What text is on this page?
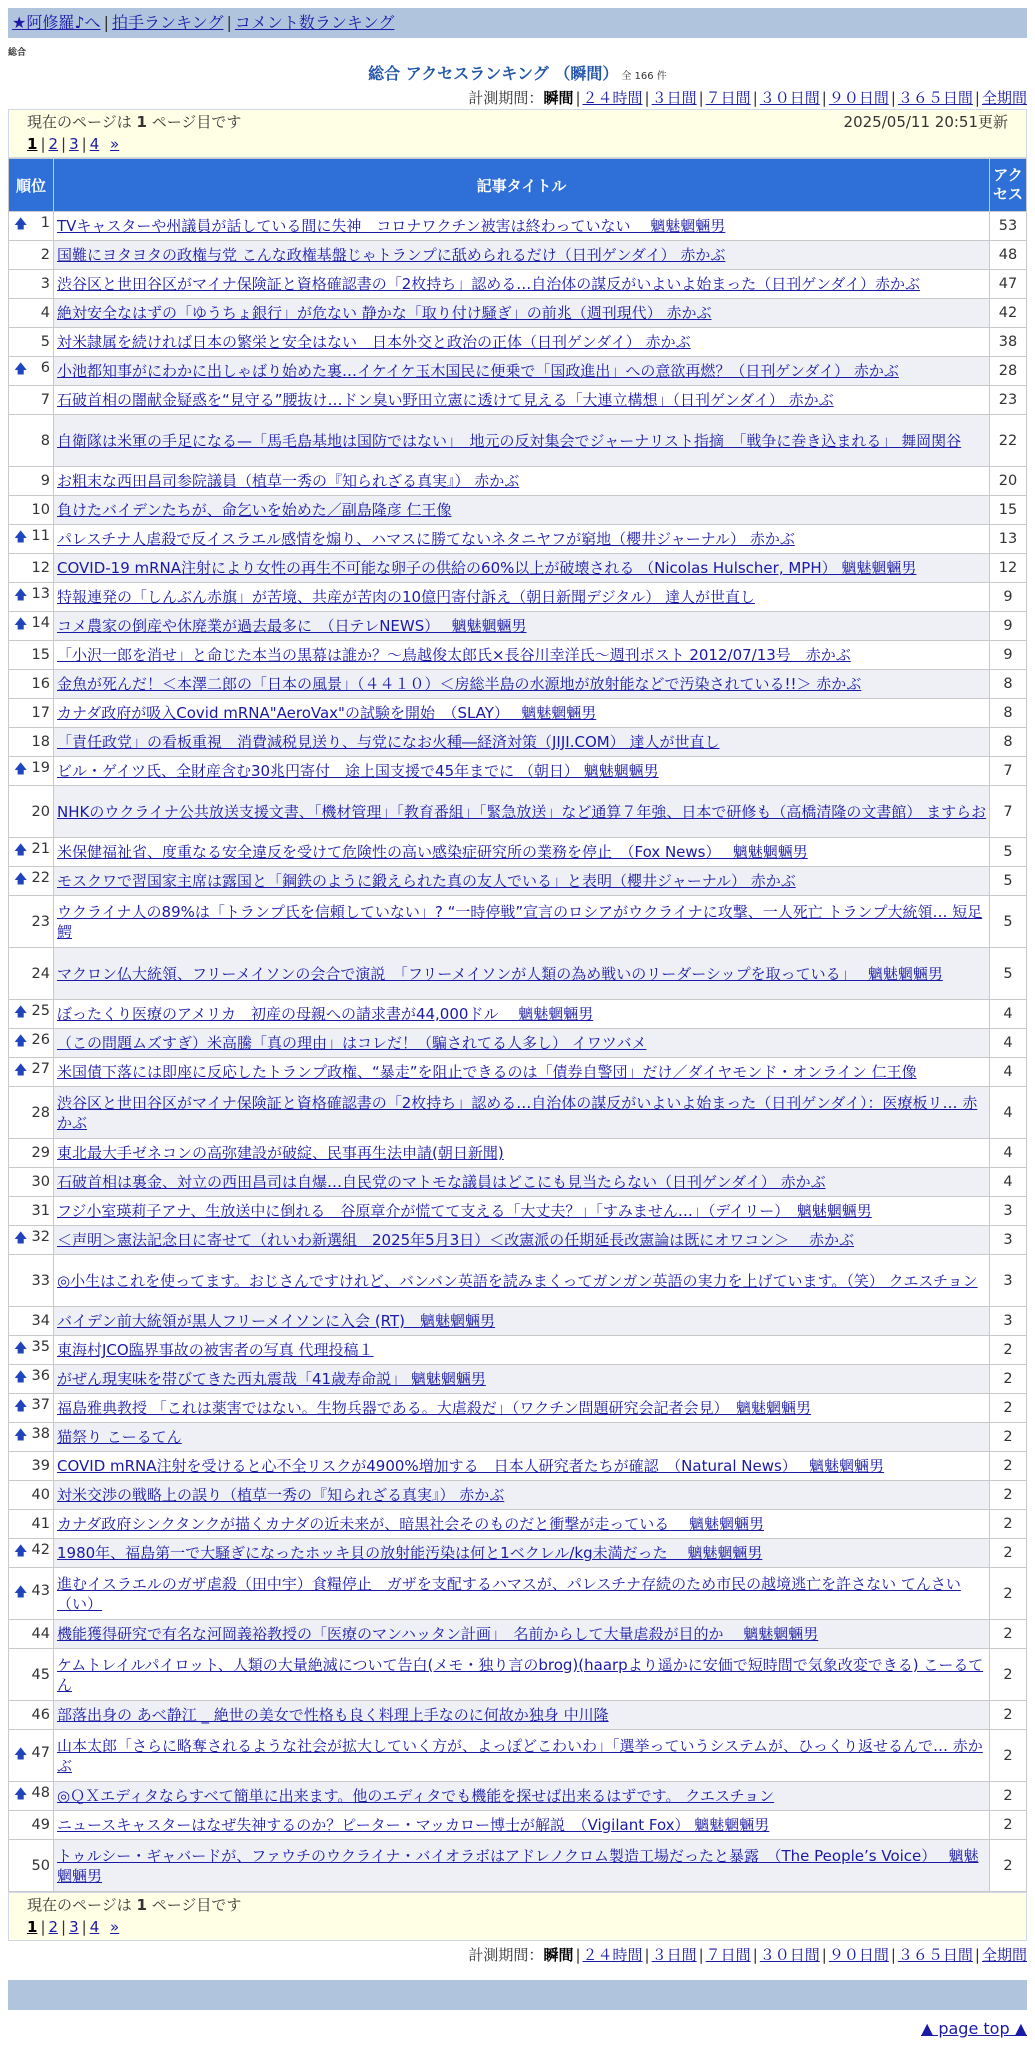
★阿修羅♪へ | 拍手ランキング | コメント数ランキング
総合
総合 アクセスランキング （瞬間） 全 166 件
計測期間：瞬間 | ２４時間 | ３日間 | ７日間 | ３０日間 | ９０日間 | ３６５日間 | 全期間
現在のページは 1 ページ目です	2025/05/11 20:51更新
1 | 2 | 3 | 4 »
順位	記事タイトル	アクセス

🡅 1	TVキャスターや州議員が話している間に失神　コロナワクチン被害は終わっていない　 魑魅魍魎男	53
2	国難にヨタヨタの政権与党 こんな政権基盤じゃトランプに舐められるだけ（日刊ゲンダイ） 赤かぶ	48
3	渋谷区と世田谷区がマイナ保険証と資格確認書の「2枚持ち」認める…自治体の謀反がいよいよ始まった（日刊ゲンダイ）赤かぶ	47
4	絶対安全なはずの「ゆうちょ銀行」が危ない 静かな「取り付け騒ぎ」の前兆（週刊現代） 赤かぶ	42
5	対米隷属を続ければ日本の繁栄と安全はない　日本外交と政治の正体（日刊ゲンダイ） 赤かぶ	38

🡅 6	小池都知事がにわかに出しゃばり始めた裏…イケイケ玉木国民に便乗で「国政進出」への意欲再燃？（日刊ゲンダイ） 赤かぶ	28
7	石破首相の闇献金疑惑を“見守る”腰抜け…ドン臭い野田立憲に透けて見える「大連立構想」（日刊ゲンダイ） 赤かぶ	23
8	自衛隊は米軍の手足になる—「馬毛島基地は国防ではない」　地元の反対集会でジャーナリスト指摘　「戦争に巻き込まれる」 舞岡関谷	22
9	お粗末な西田昌司参院議員（植草一秀の『知られざる真実』） 赤かぶ	20
10	負けたバイデンたちが、命乞いを始めた／副島隆彦 仁王像	15

🡅 11	パレスチナ人虐殺で反イスラエル感情を煽り、ハマスに勝てないネタニヤフが窮地（櫻井ジャーナル） 赤かぶ	13
12	COVID-19 mRNA注射により女性の再生不可能な卵子の供給の60%以上が破壊される （Nicolas Hulscher, MPH） 魑魅魍魎男	12

🡅 13	特報連発の「しんぶん赤旗」が苦境、共産が苦肉の10億円寄付訴え（朝日新聞デジタル） 達人が世直し	9

🡅 14	コメ農家の倒産や休廃業が過去最多に　（日テレNEWS）　 魑魅魍魎男	9
15	「小沢一郎を消せ」と命じた本当の黒幕は誰か？～鳥越俊太郎氏×長谷川幸洋氏～週刊ポスト 2012/07/13号　赤かぶ	9
16	金魚が死んだ！＜本澤二郎の「日本の風景」（４４１０）＜房総半島の水源地が放射能などで汚染されている!!＞ 赤かぶ	8
17	カナダ政府が吸入Covid mRNA"AeroVax"の試験を開始　（SLAY）　 魑魅魍魎男	8
18	「責任政党」の看板重視　消費減税見送り、与党になお火種―経済対策（JIJI.COM） 達人が世直し	8

🡅 19	ビル・ゲイツ氏、全財産含む30兆円寄付　途上国支援で45年までに （朝日） 魑魅魍魎男	7
20	NHKのウクライナ公共放送支援文書、「機材管理」「教育番組」「緊急放送」など通算７年強、日本で研修も（高橋清隆の文書館） ますらお	7

🡅 21	米保健福祉省、度重なる安全違反を受けて危険性の高い感染症研究所の業務を停止　（Fox News）　 魑魅魍魎男	5

🡅 22	モスクワで習国家主席は露国と「鋼鉄のように鍛えられた真の友人でいる」と表明（櫻井ジャーナル） 赤かぶ	5
23	ウクライナ人の89%は「トランプ氏を信頼していない」? “一時停戦”宣言のロシアがウクライナに攻撃、一人死亡 トランプ大統領… 短足鰐	5
24	マクロン仏大統領、フリーメイソンの会合で演説　「フリーメイソンが人類の為め戦いのリーダーシップを取っている」　 魑魅魍魎男	5

🡅 25	ぼったくり医療のアメリカ　初産の母親への請求書が44,000ドル　 魑魅魍魎男	4

🡅 26	（この問題ムズすぎ）米高騰「真の理由」はコレだ！（騙されてる人多し） イワツバメ	4

🡅 27	米国債下落には即座に反応したトランプ政権、“暴走”を阻止できるのは「債券自警団」だけ／ダイヤモンド・オンライン 仁王像	4
28	渋谷区と世田谷区がマイナ保険証と資格確認書の「2枚持ち」認める…自治体の謀反がいよいよ始まった（日刊ゲンダイ）：医療板リ… 赤かぶ	4
29	東北最大手ゼネコンの高弥建設が破綻、民事再生法申請(朝日新聞)	4
30	石破首相は裏金、対立の西田昌司は自爆…自民党のマトモな議員はどこにも見当たらない（日刊ゲンダイ） 赤かぶ	4
31	フジ小室瑛莉子アナ、生放送中に倒れる　谷原章介が慌てて支える「大丈夫？」「すみません…」（デイリー）　魑魅魍魎男	3

🡅 32	＜声明＞憲法記念日に寄せて（れいわ新選組　2025年5月3日）＜改憲派の任期延長改憲論は既にオワコン＞　 赤かぶ	3
33	◎小生はこれを使ってます。おじさんですけれど、バンバン英語を読みまくってガンガン英語の実力を上げています。（笑） クエスチョン	3
34	バイデン前大統領が黒人フリーメイソンに入会 (RT)　魑魅魍魎男	3

🡅 35	東海村JCO臨界事故の被害者の写真 代理投稿１	2

🡅 36	がぜん現実味を帯びてきた西丸震哉「41歳寿命説」 魑魅魍魎男	2

🡅 37	福島雅典教授 「これは薬害ではない。生物兵器である。大虐殺だ」（ワクチン問題研究会記者会見）　魑魅魍魎男	2

🡅 38	猫祭り こーるてん	2
39	COVID mRNA注射を受けると心不全リスクが4900%増加する　日本人研究者たちが確認　（Natural News）　 魑魅魍魎男	2
40	対米交渉の戦略上の誤り（植草一秀の『知られざる真実』） 赤かぶ	2
41	カナダ政府シンクタンクが描くカナダの近未来が、暗黒社会そのものだと衝撃が走っている　 魑魅魍魎男	2

🡅 42	1980年、福島第一で大騒ぎになったホッキ貝の放射能汚染は何と1ベクレル/kg未満だった　 魑魅魍魎男	2

🡅 43	進むイスラエルのガザ虐殺（田中宇）食糧停止　ガザを支配するハマスが、パレスチナ存続のため市民の越境逃亡を許さない てんさい（い）	2
44	機能獲得研究で有名な河岡義裕教授の「医療のマンハッタン計画」　名前からして大量虐殺が目的か　 魑魅魍魎男	2
45	ケムトレイルパイロット、人類の大量絶滅について告白(メモ・独り言のbrog)(haarpより遥かに安価で短時間で気象改変できる) こーるてん	2
46	部落出身の あべ静江 _ 絶世の美女で性格も良く料理上手なのに何故か独身 中川隆	2

🡅 47	山本太郎「さらに略奪されるような社会が拡大していく方が、よっぽどこわいわ」「選挙っていうシステムが、ひっくり返せるんで… 赤かぶ	2

🡅 48	◎ＱＸエディタならすべて簡単に出来ます。他のエディタでも機能を探せば出来るはずです。 クエスチョン	2
49	ニュースキャスターはなぜ失神するのか？ピーター・マッカロー博士が解説　（Vigilant Fox） 魑魅魍魎男	2
50	トゥルシー・ギャバードが、ファウチのウクライナ・バイオラボはアドレノクロム製造工場だったと暴露　（The People’s Voice）　 魑魅魍魎男	2
現在のページは 1 ページ目です
1 | 2 | 3 | 4 »
計測期間：瞬間 | ２４時間 | ３日間 | ７日間 | ３０日間 | ９０日間 | ３６５日間 | 全期間
▲ page top ▲
